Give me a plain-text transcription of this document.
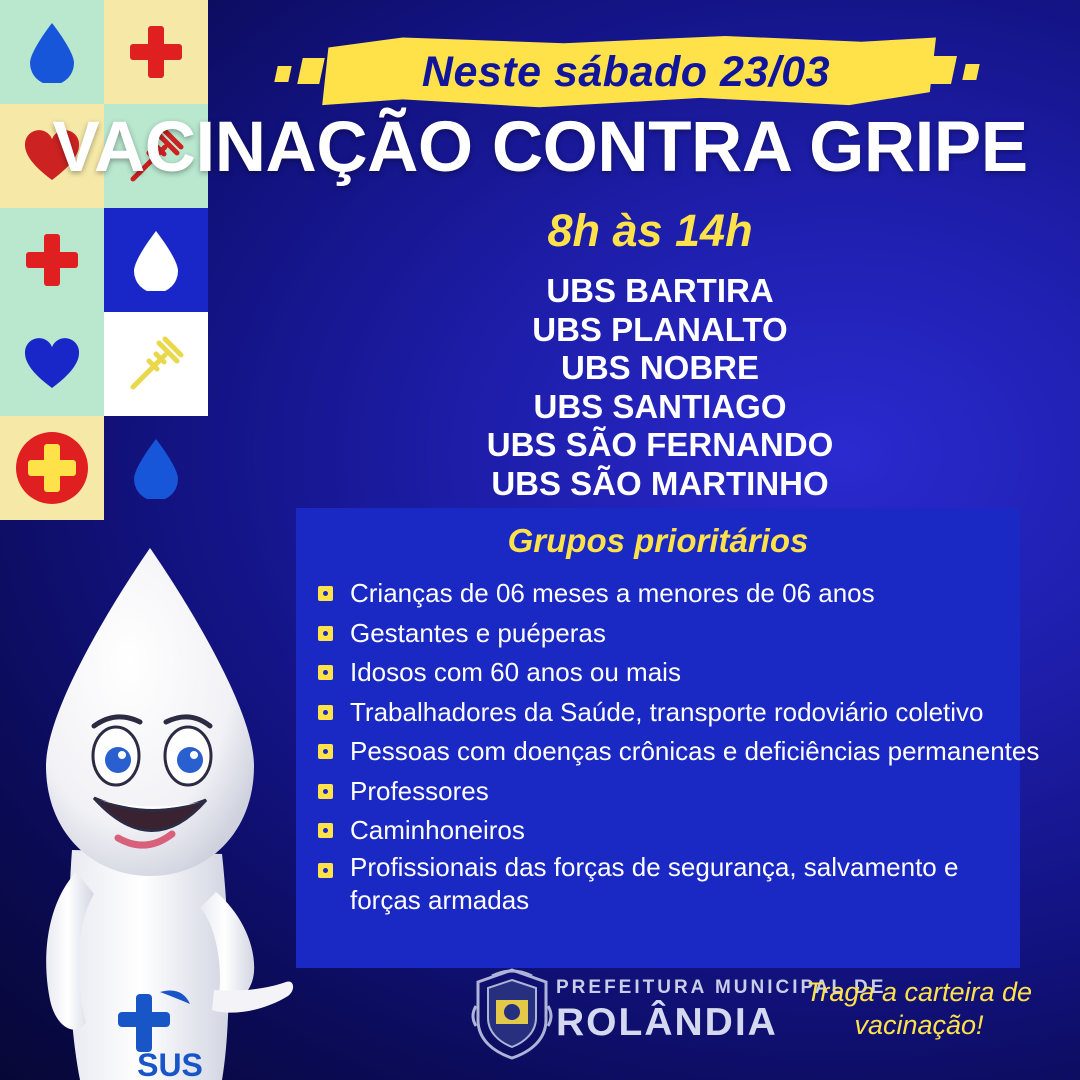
Neste sábado 23/03
VACINAÇÃO CONTRA GRIPE
8h às 14h
UBS BARTIRA
UBS PLANALTO
UBS NOBRE
UBS SANTIAGO
UBS SÃO FERNANDO
UBS SÃO MARTINHO
Grupos prioritários
Crianças de 06 meses a menores de 06 anos
Gestantes e puéperas
Idosos com 60 anos ou mais
Trabalhadores da Saúde, transporte rodoviário coletivo
Pessoas com doenças crônicas e deficiências permanentes
Professores
Caminhoneiros
Profissionais das forças de segurança, salvamento e forças armadas
SUS
PREFEITURA MUNICIPAL DE
ROLÂNDIA
Traga a carteira de vacinação!
